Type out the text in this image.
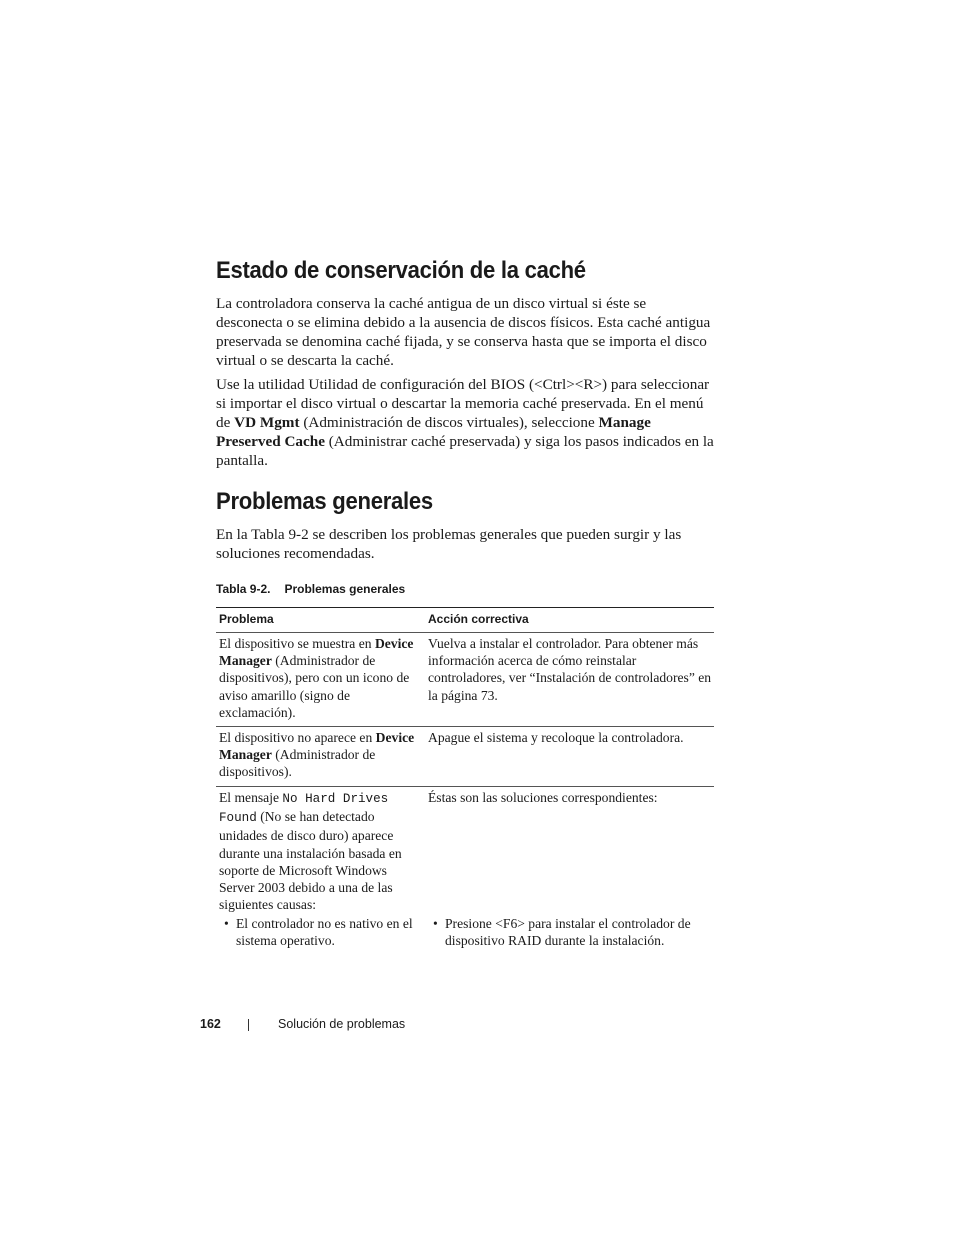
Estado de conservación de la caché

La controladora conserva la caché antigua de un disco virtual si éste se desconecta o se elimina debido a la ausencia de discos físicos. Esta caché antigua preservada se denomina caché fijada, y se conserva hasta que se importa el disco virtual o se descarta la caché.

Use la utilidad Utilidad de configuración del BIOS (<Ctrl><R>) para seleccionar si importar el disco virtual o descartar la memoria caché preservada. En el menú de VD Mgmt (Administración de discos virtuales), seleccione Manage Preserved Cache (Administrar caché preservada) y siga los pasos indicados en la pantalla.

Problemas generales

En la Tabla 9-2 se describen los problemas generales que pueden surgir y las soluciones recomendadas.

Tabla 9-2. Problemas generales
Problema	Acción correctiva

El dispositivo se muestra en Device Manager (Administrador de dispositivos), pero con un icono de aviso amarillo (signo de exclamación).

Vuelva a instalar el controlador. Para obtener más información acerca de cómo reinstalar controladores, ver “Instalación de controladores” en la página 73.

El dispositivo no aparece en Device Manager (Administrador de dispositivos).

Apague el sistema y recoloque la controladora.

El mensaje No Hard Drives Found (No se han detectado unidades de disco duro) aparece durante una instalación basada en soporte de Microsoft Windows Server 2003 debido a una de las siguientes causas:

Éstas son las soluciones correspondientes:

• El controlador no es nativo en el sistema operativo.

• Presione <F6> para instalar el controlador de dispositivo RAID durante la instalación.

162	Solución de problemas
